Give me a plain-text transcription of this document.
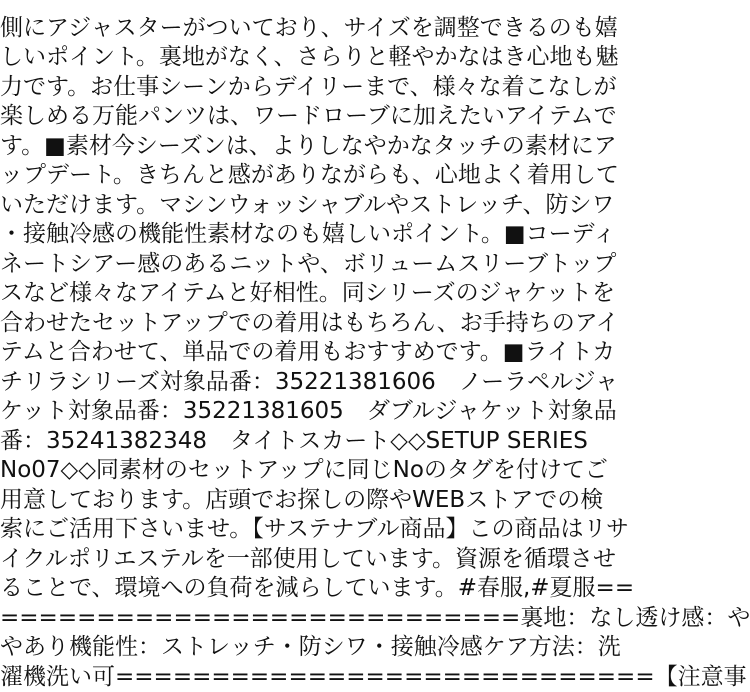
側にアジャスターがついており、サイズを調整できるのも嬉
しいポイント。裏地がなく、さらりと軽やかなはき心地も魅
力です。お仕事シーンからデイリーまで、様々な着こなしが
楽しめる万能パンツは、ワードローブに加えたいアイテムで
す。■素材今シーズンは、よりしなやかなタッチの素材にア
ップデート。きちんと感がありながらも、心地よく着用して
いただけます。マシンウォッシャブルやストレッチ、防シワ
・接触冷感の機能性素材なのも嬉しいポイント。■コーディ
ネートシアー感のあるニットや、ボリュームスリーブトップ
スなど様々なアイテムと好相性。同シリーズのジャケットを
合わせたセットアップでの着用はもちろん、お手持ちのアイ
テムと合わせて、単品での着用もおすすめです。■ライトカ
チリラシリーズ対象品番：35221381606　ノーラペルジャ
ケット対象品番：35221381605　ダブルジャケット対象品
番：35241382348　タイトスカート◇◇SETUP SERIES
No07◇◇同素材のセットアップに同じNoのタグを付けてご
用意しております。店頭でお探しの際やWEBストアでの検
索にご活用下さいませ。【サステナブル商品】この商品はリサ
イクルポリエステルを一部使用しています。資源を循環させ
ることで、環境への負荷を減らしています。#春服,#夏服==
===========================裏地：なし透け感：や
やあり機能性：ストレッチ・防シワ・接触冷感ケア方法：洗
濯機洗い可============================【注意事
